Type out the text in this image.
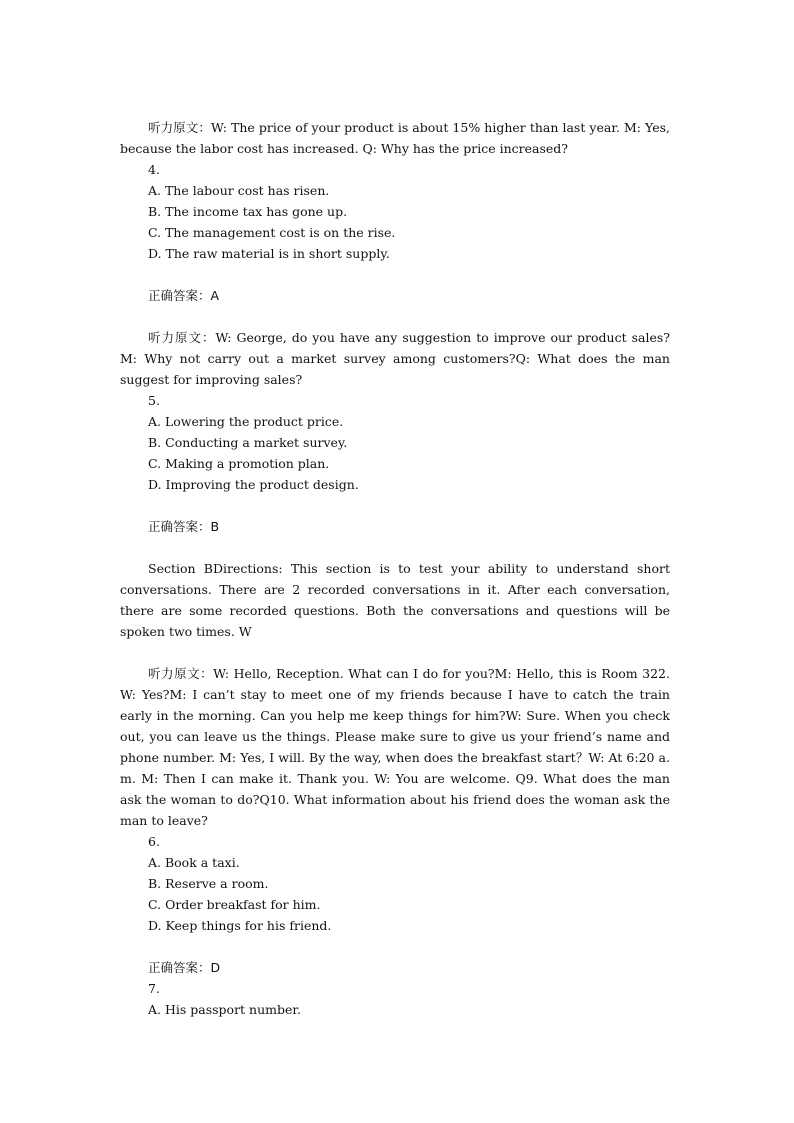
听力原文：W: The price of your product is about 15% higher than last year. M: Yes, because the labor cost has increased. Q: Why has the price increased?

4.

A. The labour cost has risen.

B. The income tax has gone up.

C. The management cost is on the rise.

D. The raw material is in short supply.

正确答案：A

听力原文：W: George, do you have any suggestion to improve our product sales?M: Why not carry out a market survey among customers?Q: What does the man suggest for improving sales?

5.

A. Lowering the product price.

B. Conducting a market survey.

C. Making a promotion plan.

D. Improving the product design.

正确答案：B

Section BDirections: This section is to test your ability to understand short conversations. There are 2 recorded conversations in it. After each conversation, there are some recorded questions. Both the conversations and questions will be spoken two times. W

听力原文：W: Hello, Reception. What can I do for you?M: Hello, this is Room 322. W: Yes?M: I can’t stay to meet one of my friends because I have to catch the train early in the morning. Can you help me keep things for him?W: Sure. When you check out, you can leave us the things. Please make sure to give us your friend’s name and phone number. M: Yes, I will. By the way, when does the breakfast start？W: At 6:20 a. m. M: Then I can make it. Thank you. W: You are welcome. Q9. What does the man ask the woman to do?Q10. What information about his friend does the woman ask the man to leave?

6.

A. Book a taxi.

B. Reserve a room.

C. Order breakfast for him.

D. Keep things for his friend.

正确答案：D

7.

A. His passport number.
